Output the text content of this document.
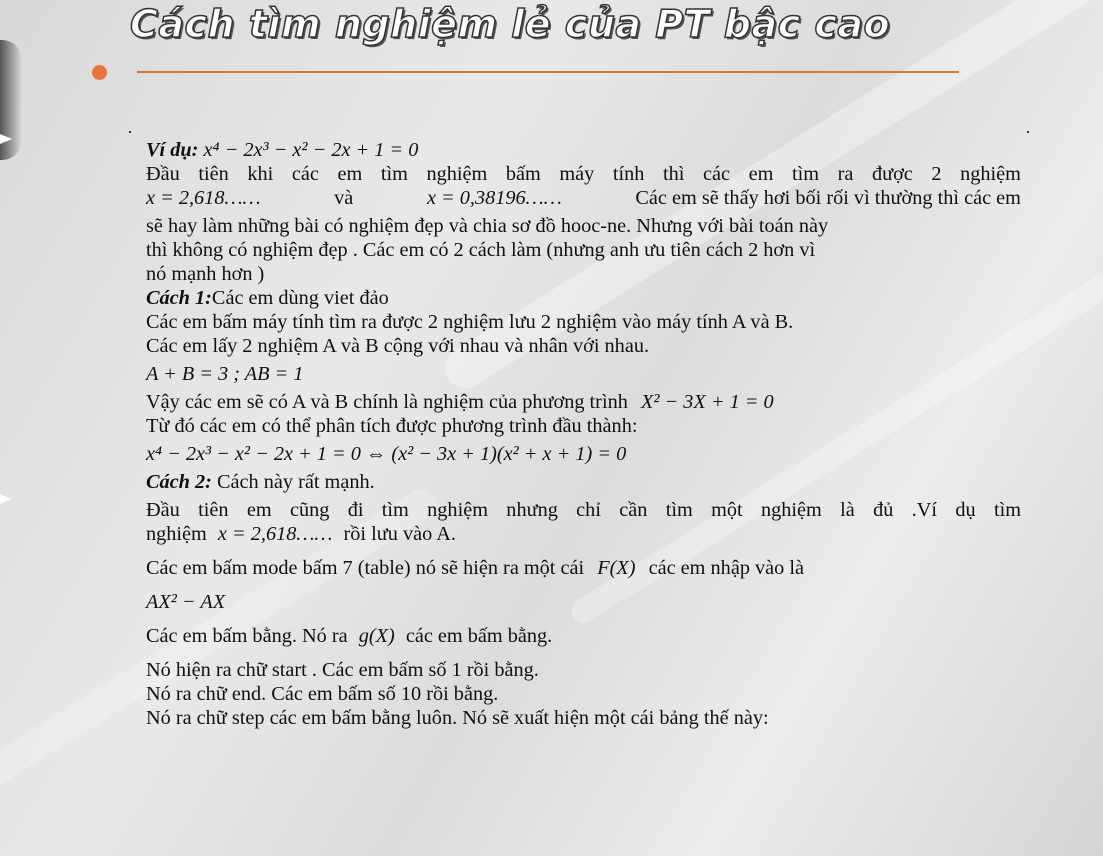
Cách tìm nghiệm lẻ của PT bậc cao
Ví dụ: x⁴ − 2x³ − x² − 2x + 1 = 0
Đầu tiên khi các em tìm nghiệm bấm máy tính thì các em tìm ra được 2 nghiệm
x = 2,618……	và	x = 0,38196……	Các em sẽ thấy hơi bối rối vì thường thì các em
sẽ hay làm những bài có nghiệm đẹp và chia sơ đồ hooc-ne. Nhưng với bài toán này
thì không có nghiệm đẹp . Các em có 2 cách làm (nhưng anh ưu tiên cách 2 hơn vì
nó mạnh hơn )
Cách 1:Các em dùng viet đảo
Các em bấm máy tính tìm ra được 2 nghiệm lưu 2 nghiệm vào máy tính A và B.
Các em lấy 2 nghiệm A và B cộng với nhau và nhân với nhau.
A + B = 3 ; AB = 1
Vậy các em sẽ có A và B chính là nghiệm của phương trình X² − 3X + 1 = 0
Từ đó các em có thể phân tích được phương trình đầu thành:
x⁴ − 2x³ − x² − 2x + 1 = 0 ⇔ (x² − 3x + 1)(x² + x + 1) = 0
Cách 2: Cách này rất mạnh.
Đầu tiên em cũng đi tìm nghiệm nhưng chỉ cần tìm một nghiệm là đủ .Ví dụ tìm
nghiệm x = 2,618…… rồi lưu vào A.
Các em bấm mode bấm 7 (table) nó sẽ hiện ra một cái F(X) các em nhập vào là
AX² − AX
Các em bấm bằng. Nó ra g(X) các em bấm bằng.
Nó hiện ra chữ start . Các em bấm số 1 rồi bằng.
Nó ra chữ end. Các em bấm số 10 rồi bằng.
Nó ra chữ step các em bấm bằng luôn. Nó sẽ xuất hiện một cái bảng thế này:
